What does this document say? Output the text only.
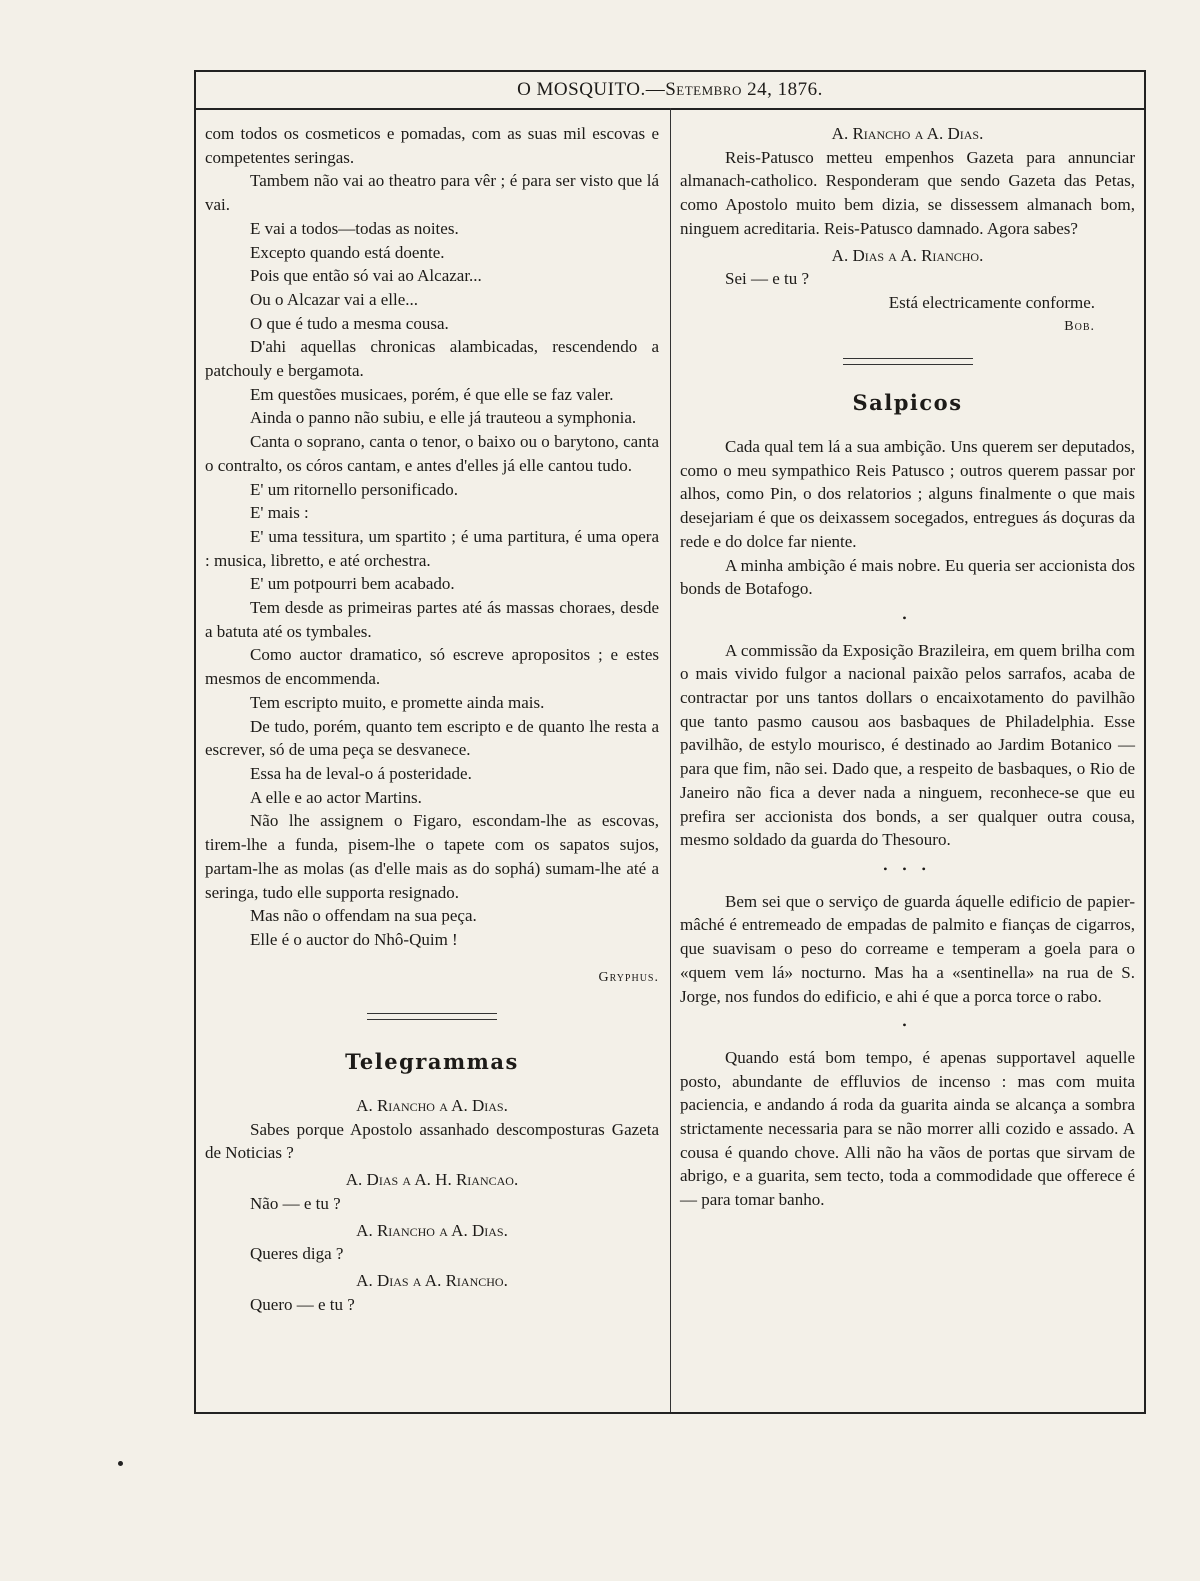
O MOSQUITO.—Setembro 24, 1876.

com todos os cosmeticos e pomadas, com as suas mil escovas e competentes seringas.

Tambem não vai ao theatro para vêr ; é para ser visto que lá vai.

E vai a todos—todas as noites.

Excepto quando está doente.

Pois que então só vai ao Alcazar...

Ou o Alcazar vai a elle...

O que é tudo a mesma cousa.

D'ahi aquellas chronicas alambicadas, rescendendo a patchouly e bergamota.

Em questões musicaes, porém, é que elle se faz valer.

Ainda o panno não subiu, e elle já trauteou a symphonia.

Canta o soprano, canta o tenor, o baixo ou o barytono, canta o contralto, os córos cantam, e antes d'elles já elle cantou tudo.

E' um ritornello personificado.

E' mais :

E' uma tessitura, um spartito ; é uma partitura, é uma opera : musica, libretto, e até orchestra.

E' um potpourri bem acabado.

Tem desde as primeiras partes até ás massas choraes, desde a batuta até os tymbales.

Como auctor dramatico, só escreve apropositos ; e estes mesmos de encommenda.

Tem escripto muito, e promette ainda mais.

De tudo, porém, quanto tem escripto e de quanto lhe resta a escrever, só de uma peça se desvanece.

Essa ha de leval-o á posteridade.

A elle e ao actor Martins.

Não lhe assignem o Figaro, escondam-lhe as escovas, tirem-lhe a funda, pisem-lhe o tapete com os sapatos sujos, partam-lhe as molas (as d'elle mais as do sophá) sumam-lhe até a seringa, tudo elle supporta resignado.

Mas não o offendam na sua peça.

Elle é o auctor do Nhô-Quim !

Gryphus.

Telegrammas

A. Riancho a A. Dias.

Sabes porque Apostolo assanhado descomposturas Gazeta de Noticias ?

A. Dias a A. H. Riancao.

Não — e tu ?

A. Riancho a A. Dias.

Queres diga ?

A. Dias a A. Riancho.

Quero — e tu ?

A. Riancho a A. Dias.

Reis-Patusco metteu empenhos Gazeta para annunciar almanach-catholico. Responderam que sendo Gazeta das Petas, como Apostolo muito bem dizia, se dissessem almanach bom, ninguem acreditaria. Reis-Patusco damnado. Agora sabes?

A. Dias a A. Riancho.

Sei — e tu ?

Está electricamente conforme.

Bob.

Salpicos

Cada qual tem lá a sua ambição. Uns querem ser deputados, como o meu sympathico Reis Patusco ; outros querem passar por alhos, como Pin, o dos relatorios ; alguns finalmente o que mais desejariam é que os deixassem socegados, entregues ás doçuras da rede e do dolce far niente.

A minha ambição é mais nobre. Eu queria ser accionista dos bonds de Botafogo.

•

A commissão da Exposição Brazileira, em quem brilha com o mais vivido fulgor a nacional paixão pelos sarrafos, acaba de contractar por uns tantos dollars o encaixotamento do pavilhão que tanto pasmo causou aos basbaques de Philadelphia. Esse pavilhão, de estylo mourisco, é destinado ao Jardim Botanico — para que fim, não sei. Dado que, a respeito de basbaques, o Rio de Janeiro não fica a dever nada a ninguem, reconhece-se que eu prefira ser accionista dos bonds, a ser qualquer outra cousa, mesmo soldado da guarda do Thesouro.

• • •

Bem sei que o serviço de guarda áquelle edificio de papier-mâché é entremeado de empadas de palmito e fianças de cigarros, que suavisam o peso do correame e temperam a goela para o «quem vem lá» nocturno. Mas ha a «sentinella» na rua de S. Jorge, nos fundos do edificio, e ahi é que a porca torce o rabo.

•

Quando está bom tempo, é apenas supportavel aquelle posto, abundante de effluvios de incenso : mas com muita paciencia, e andando á roda da guarita ainda se alcança a sombra strictamente necessaria para se não morrer alli cozido e assado. A cousa é quando chove. Alli não ha vãos de portas que sirvam de abrigo, e a guarita, sem tecto, toda a commodidade que offerece é — para tomar banho.
